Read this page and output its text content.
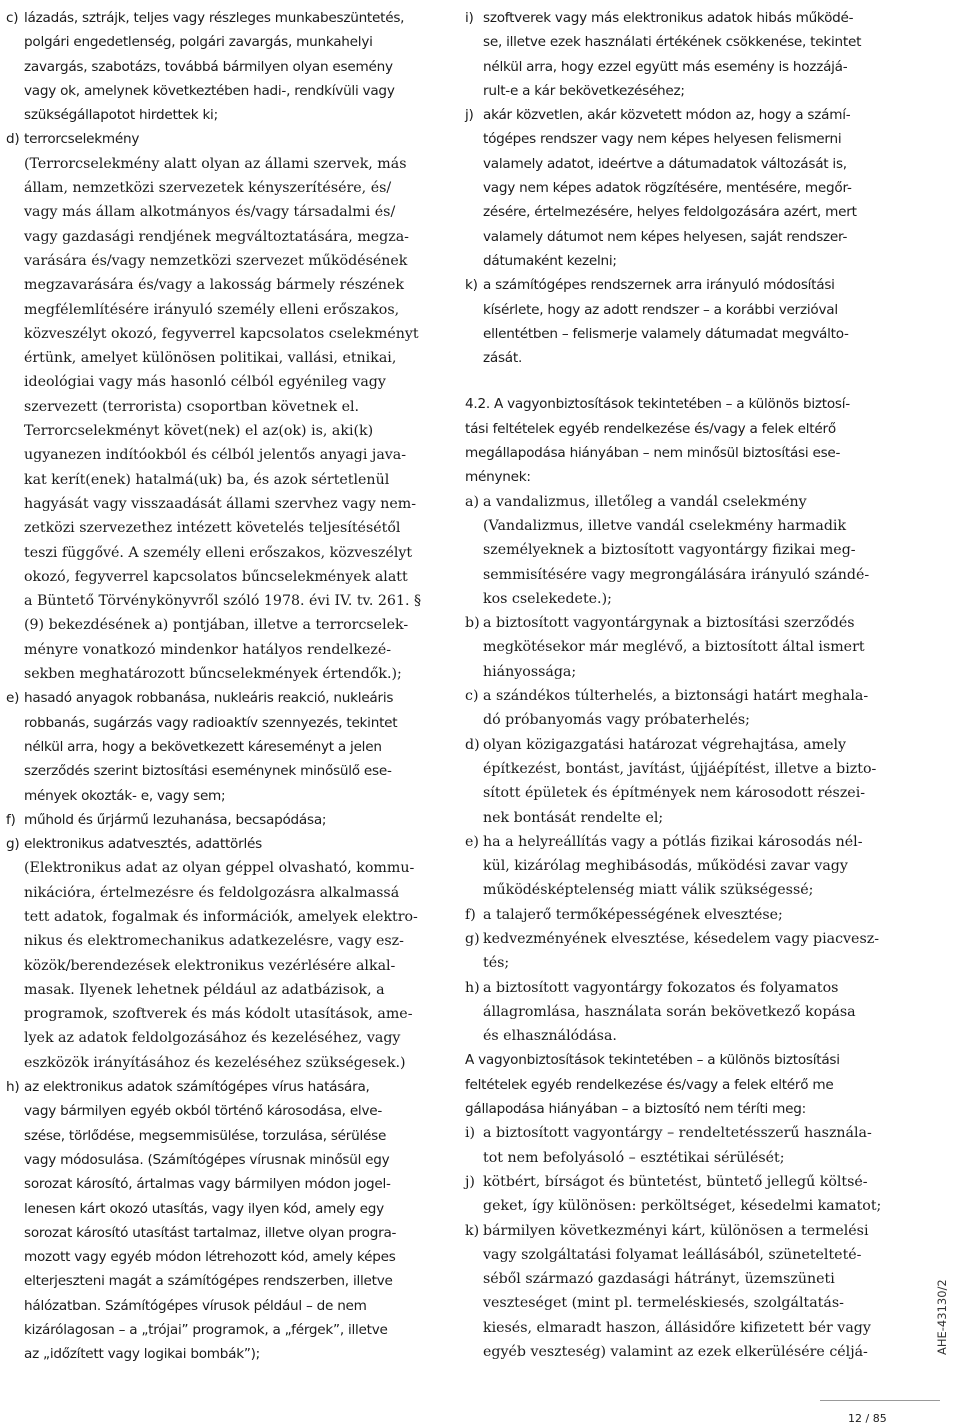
c) lázadás, sztrájk, teljes vagy részleges munkabeszüntetés,
polgári engedetlenség, polgári zavargás, munkahelyi
zavargás, szabotázs, továbbá bármilyen olyan esemény
vagy ok, amelynek következtében hadi-, rendkívüli vagy
szükségállapotot hirdettek ki;
d) terrorcselekmény
(Terrorcselekmény alatt olyan az állami szervek, más
állam, nemzetközi szervezetek kényszerítésére, és/
vagy más állam alkotmányos és/vagy társadalmi és/
vagy gazdasági rendjének megváltoztatására, megza-
varására és/vagy nemzetközi szervezet működésének
megzavarására és/vagy a lakosság bármely részének
megfélemlítésére irányuló személy elleni erőszakos,
közveszélyt okozó, fegyverrel kapcsolatos cselekményt
értünk, amelyet különösen politikai, vallási, etnikai,
ideológiai vagy más hasonló célból egyénileg vagy
szervezett (terrorista) csoportban követnek el.
Terrorcselekményt követ(nek) el az(ok) is, aki(k)
ugyanezen indítóokból és célból jelentős anyagi java-
kat kerít(enek) hatalmá(uk) ba, és azok sértetlenül
hagyását vagy visszaadását állami szervhez vagy nem-
zetközi szervezethez intézett követelés teljesítésétől
teszi függővé. A személy elleni erőszakos, közveszélyt
okozó, fegyverrel kapcsolatos bűncselekmények alatt
a Büntető Törvénykönyvről szóló 1978. évi IV. tv. 261. §
(9) bekezdésének a) pontjában, illetve a terrorcselek-
ményre vonatkozó mindenkor hatályos rendelkezé-
sekben meghatározott bűncselekmények értendők.);
e) hasadó anyagok robbanása, nukleáris reakció, nukleáris
robbanás, sugárzás vagy radioaktív szennyezés, tekintet
nélkül arra, hogy a bekövetkezett káreseményt a jelen
szerződés szerint biztosítási eseménynek minősülő ese-
mények okozták- e, vagy sem;
f) műhold és űrjármű lezuhanása, becsapódása;
g) elektronikus adatvesztés, adattörlés
(Elektronikus adat az olyan géppel olvasható, kommu-
nikációra, értelmezésre és feldolgozásra alkalmassá
tett adatok, fogalmak és információk, amelyek elektro-
nikus és elektromechanikus adatkezelésre, vagy esz-
közök/berendezések elektronikus vezérlésére alkal-
masak. Ilyenek lehetnek például az adatbázisok, a
programok, szoftverek és más kódolt utasítások, ame-
lyek az adatok feldolgozásához és kezeléséhez, vagy
eszközök irányításához és kezeléséhez szükségesek.)
h) az elektronikus adatok számítógépes vírus hatására,
vagy bármilyen egyéb okból történő károsodása, elve-
szése, törlődése, megsemmisülése, torzulása, sérülése
vagy módosulása. (Számítógépes vírusnak minősül egy
sorozat károsító, ártalmas vagy bármilyen módon jogel-
lenesen kárt okozó utasítás, vagy ilyen kód, amely egy
sorozat károsító utasítást tartalmaz, illetve olyan progra-
mozott vagy egyéb módon létrehozott kód, amely képes
elterjeszteni magát a számítógépes rendszerben, illetve
hálózatban. Számítógépes vírusok például – de nem
kizárólagosan – a „trójai” programok, a „férgek”, illetve
az „időzített vagy logikai bombák”);
i) szoftverek vagy más elektronikus adatok hibás működé-
se, illetve ezek használati értékének csökkenése, tekintet
nélkül arra, hogy ezzel együtt más esemény is hozzájá-
rult-e a kár bekövetkezéséhez;
j) akár közvetlen, akár közvetett módon az, hogy a számí-
tógépes rendszer vagy nem képes helyesen felismerni
valamely adatot, ideértve a dátumadatok változását is,
vagy nem képes adatok rögzítésére, mentésére, megőr-
zésére, értelmezésére, helyes feldolgozására azért, mert
valamely dátumot nem képes helyesen, saját rendszer-
dátumaként kezelni;
k) a számítógépes rendszernek arra irányuló módosítási
kísérlete, hogy az adott rendszer – a korábbi verzióval
ellentétben – felismerje valamely dátumadat megválto-
zását.
4.2. A vagyonbiztosítások tekintetében – a különös biztosí-
tási feltételek egyéb rendelkezése és/vagy a felek eltérő
megállapodása hiányában – nem minősül biztosítási ese-
ménynek:
a) a vandalizmus, illetőleg a vandál cselekmény
(Vandalizmus, illetve vandál cselekmény harmadik
személyeknek a biztosított vagyontárgy fizikai meg-
semmisítésére vagy megrongálására irányuló szándé-
kos cselekedete.);
b) a biztosított vagyontárgynak a biztosítási szerződés
megkötésekor már meglévő, a biztosított által ismert
hiányossága;
c) a szándékos túlterhelés, a biztonsági határt meghala-
dó próbanyomás vagy próbaterhelés;
d) olyan közigazgatási határozat végrehajtása, amely
építkezést, bontást, javítást, újjáépítést, illetve a bizto-
sított épületek és építmények nem károsodott részei-
nek bontását rendelte el;
e) ha a helyreállítás vagy a pótlás fizikai károsodás nél-
kül, kizárólag meghibásodás, működési zavar vagy
működésképtelenség miatt válik szükségessé;
f) a talajerő termőképességének elvesztése;
g) kedvezményének elvesztése, késedelem vagy piacvesz-
tés;
h) a biztosított vagyontárgy fokozatos és folyamatos
állagromlása, használata során bekövetkező kopása
és elhasználódása.
A vagyonbiztosítások tekintetében – a különös biztosítási
feltételek egyéb rendelkezése és/vagy a felek eltérő me
gállapodása hiányában – a biztosító nem téríti meg:
i) a biztosított vagyontárgy – rendeltetésszerű használa-
tot nem befolyásoló – esztétikai sérülését;
j) kötbért, bírságot és büntetést, büntető jellegű költsé-
geket, így különösen: perköltséget, késedelmi kamatot;
k) bármilyen következményi kárt, különösen a termelési
vagy szolgáltatási folyamat leállásából, szünetelteté-
séből származó gazdasági hátrányt, üzemszüneti
veszteséget (mint pl. termeléskiesés, szolgáltatás-
kiesés, elmaradt haszon, állásidőre kifizetett bér vagy
egyéb veszteség) valamint az ezek elkerülésére céljá-	AHE-43130/2
12 / 85
